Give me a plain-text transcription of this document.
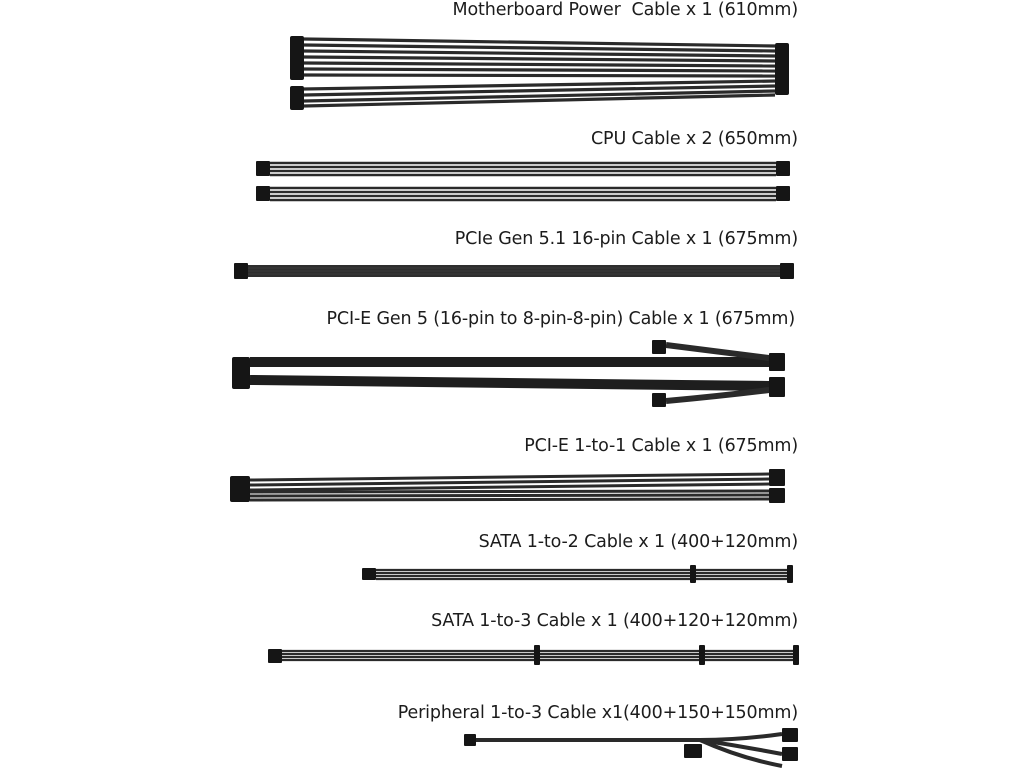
Motherboard Power  Cable x 1 (610mm)
CPU Cable x 2 (650mm)
PCIe Gen 5.1 16-pin Cable x 1 (675mm)
PCI-E Gen 5 (16-pin to 8-pin-8-pin) Cable x 1 (675mm)
PCI-E 1-to-1 Cable x 1 (675mm)
SATA 1-to-2 Cable x 1 (400+120mm)
SATA 1-to-3 Cable x 1 (400+120+120mm)
Peripheral 1-to-3 Cable x1(400+150+150mm)
